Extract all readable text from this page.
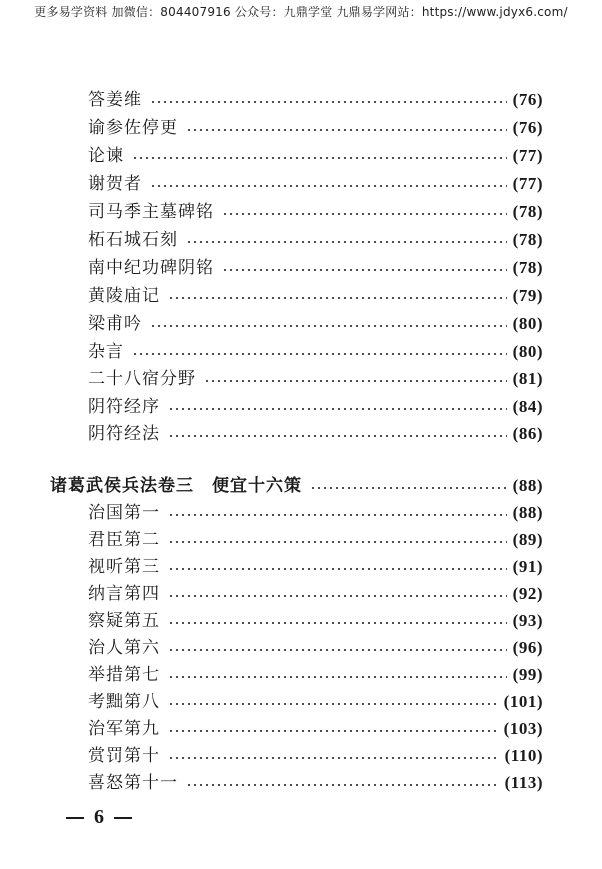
更多易学资料 加微信：804407916 公众号：九鼎学堂 九鼎易学网站：https://www.jdyx6.com/
答姜维	(76)
谕参佐停更	(76)
论谏	(77)
谢贺者	(77)
司马季主墓碑铭	(78)
柘石城石刻	(78)
南中纪功碑阴铭	(78)
黄陵庙记	(79)
梁甫吟	(80)
杂言	(80)
二十八宿分野	(81)
阴符经序	(84)
阴符经法	(86)
诸葛武侯兵法卷三　便宜十六策	(88)
治国第一	(88)
君臣第二	(89)
视听第三	(91)
纳言第四	(92)
察疑第五	(93)
治人第六	(96)
举措第七	(99)
考黜第八	(101)
治军第九	(103)
赏罚第十	(110)
喜怒第十一	(113)
6
